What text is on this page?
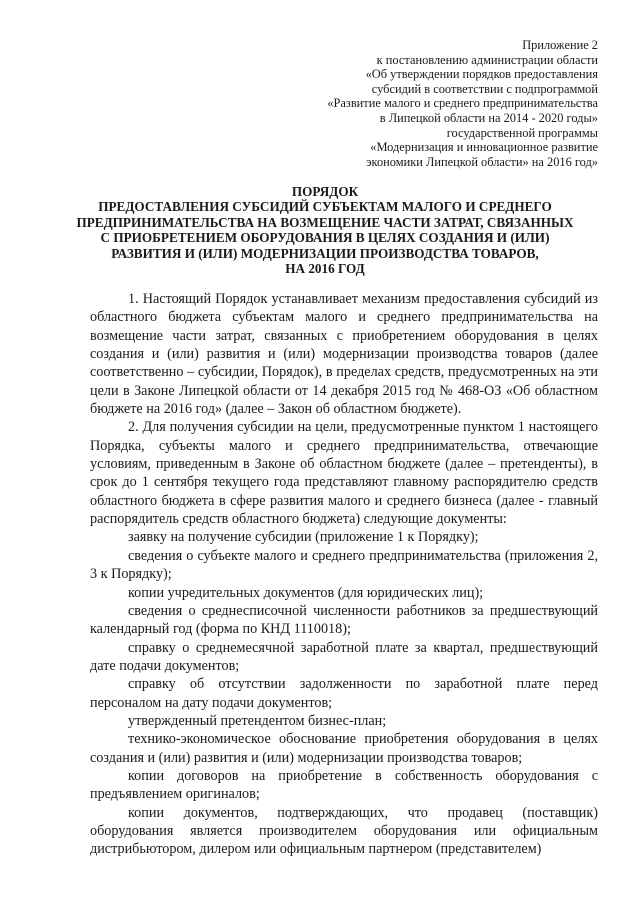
Приложение 2
к постановлению администрации области
«Об утверждении порядков предоставления
субсидий в соответствии с подпрограммой
«Развитие малого и среднего предпринимательства
в Липецкой области на 2014 - 2020 годы»
государственной программы
«Модернизация и инновационное развитие
экономики Липецкой области» на 2016 год»
ПОРЯДОК
ПРЕДОСТАВЛЕНИЯ СУБСИДИЙ СУБЪЕКТАМ МАЛОГО И СРЕДНЕГО
ПРЕДПРИНИМАТЕЛЬСТВА НА ВОЗМЕЩЕНИЕ ЧАСТИ ЗАТРАТ, СВЯЗАННЫХ
С ПРИОБРЕТЕНИЕМ ОБОРУДОВАНИЯ В ЦЕЛЯХ СОЗДАНИЯ И (ИЛИ)
РАЗВИТИЯ И (ИЛИ) МОДЕРНИЗАЦИИ ПРОИЗВОДСТВА ТОВАРОВ,
НА 2016 ГОД

1. Настоящий Порядок устанавливает механизм предоставления субсидий из областного бюджета субъектам малого и среднего предпринимательства на возмещение части затрат, связанных с приобретением оборудования в целях создания и (или) развития и (или) модернизации производства товаров (далее соответственно – субсидии, Порядок), в пределах средств, предусмотренных на эти цели в Законе Липецкой области от 14 декабря 2015 год № 468-ОЗ «Об областном бюджете на 2016 год» (далее – Закон об областном бюджете).

2. Для получения субсидии на цели, предусмотренные пунктом 1 настоящего Порядка, субъекты малого и среднего предпринимательства, отвечающие условиям, приведенным в Законе об областном бюджете (далее – претенденты), в срок до 1 сентября текущего года представляют главному распорядителю средств областного бюджета в сфере развития малого и среднего бизнеса (далее - главный распорядитель средств областного бюджета) следующие документы:

заявку на получение субсидии (приложение 1 к Порядку);

сведения о субъекте малого и среднего предпринимательства (приложения 2, 3 к Порядку);

копии учредительных документов (для юридических лиц);

сведения о среднесписочной численности работников за предшествующий календарный год (форма по КНД 1110018);

справку о среднемесячной заработной плате за квартал, предшествующий дате подачи документов;

справку об отсутствии задолженности по заработной плате перед персоналом на дату подачи документов;

утвержденный претендентом бизнес-план;

технико-экономическое обоснование приобретения оборудования в целях создания и (или) развития и (или) модернизации производства товаров;

копии договоров на приобретение в собственность оборудования с предъявлением оригиналов;

копии документов, подтверждающих, что продавец (поставщик) оборудования является производителем оборудования или официальным дистрибьютором, дилером или официальным партнером (представителем)
